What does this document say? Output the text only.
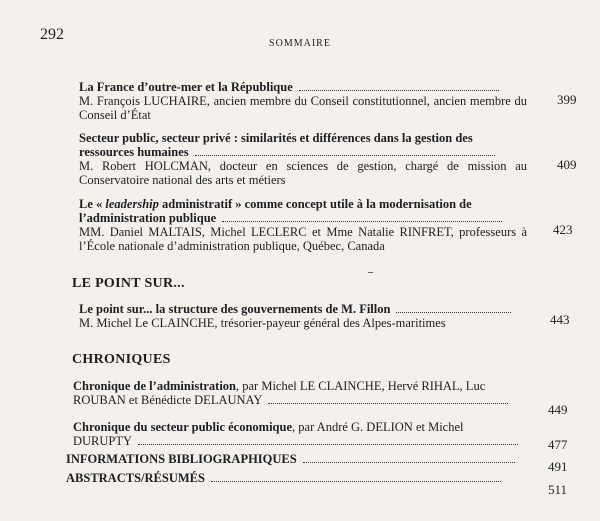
292
SOMMAIRE
La France d’outre-mer et la République
M. François LUCHAIRE, ancien membre du Conseil constitutionnel, ancien membre du Conseil d’État
399
Secteur public, secteur privé : similarités et différences dans la gestion des
ressources humaines
M. Robert HOLCMAN, docteur en sciences de gestion, chargé de mission au Conservatoire national des arts et métiers
409
Le « leadership administratif » comme concept utile à la modernisation de
l’administration publique
MM. Daniel MALTAIS, Michel LECLERC et Mme Natalie RINFRET, professeurs à l’École nationale d’administration publique, Québec, Canada
423
LE POINT SUR...
Le point sur... la structure des gouvernements de M. Fillon
M. Michel Le CLAINCHE, trésorier-payeur général des Alpes-maritimes	443
CHRONIQUES
Chronique de l’administration, par Michel LE CLAINCHE, Hervé RIHAL, Luc
ROUBAN et Bénédicte DELAUNAY
449
Chronique du secteur public économique, par André G. DELION et Michel
DURUPTY	477
INFORMATIONS BIBLIOGRAPHIQUES	491
ABSTRACTS/RÉSUMÉS
511
